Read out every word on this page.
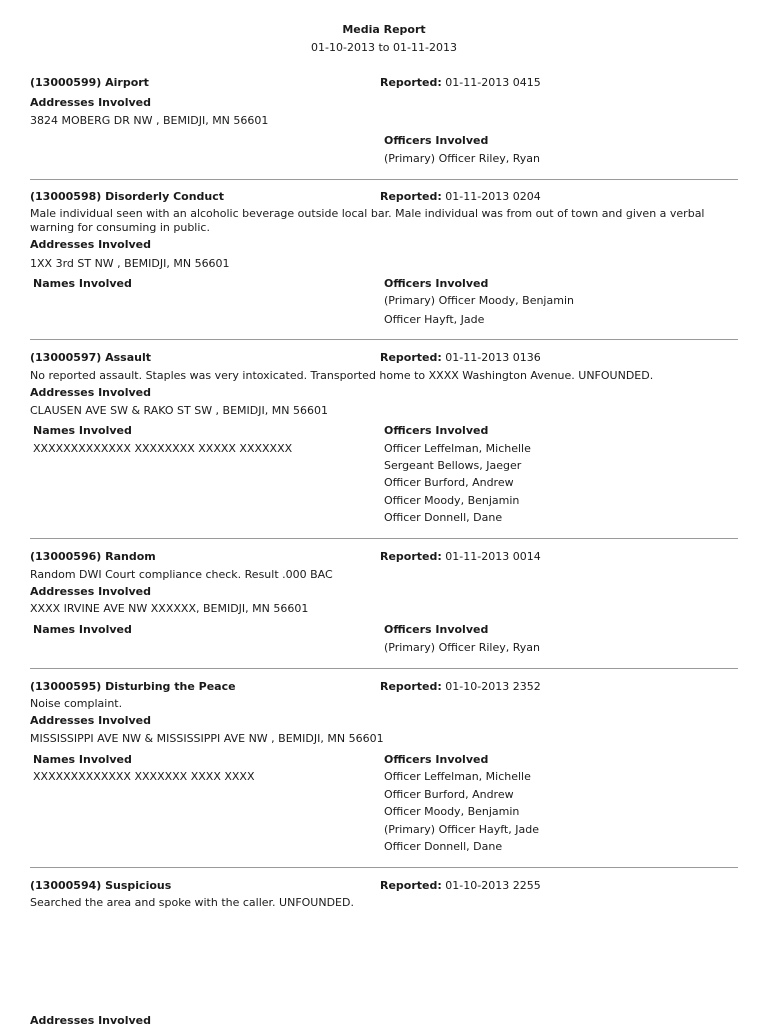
Media Report
01-10-2013 to 01-11-2013
(13000599) Airport	Reported: 01-11-2013 0415
Addresses Involved
3824 MOBERG DR NW , BEMIDJI, MN 56601
Officers Involved
(Primary) Officer Riley, Ryan
(13000598) Disorderly Conduct	Reported: 01-11-2013 0204
Male individual seen with an alcoholic beverage outside local bar. Male individual was from out of town and given a verbal warning for consuming in public.
Addresses Involved
1XX 3rd ST NW , BEMIDJI, MN 56601
Names Involved	Officers Involved
(Primary) Officer Moody, Benjamin
Officer Hayft, Jade
(13000597) Assault	Reported: 01-11-2013 0136
No reported assault. Staples was very intoxicated. Transported home to XXXX Washington Avenue. UNFOUNDED.
Addresses Involved
CLAUSEN AVE SW & RAKO ST SW , BEMIDJI, MN 56601
Names Involved
XXXXXXXXXXXXX XXXXXXXX XXXXX XXXXXXX
Officers Involved
Officer Leffelman, Michelle
Sergeant Bellows, Jaeger
Officer Burford, Andrew
Officer Moody, Benjamin
Officer Donnell, Dane
(13000596) Random	Reported: 01-11-2013 0014
Random DWI Court compliance check. Result .000 BAC
Addresses Involved
XXXX IRVINE AVE NW XXXXXX, BEMIDJI, MN 56601
Names Involved	Officers Involved
(Primary) Officer Riley, Ryan
(13000595) Disturbing the Peace	Reported: 01-10-2013 2352
Noise complaint.
Addresses Involved
MISSISSIPPI AVE NW & MISSISSIPPI AVE NW , BEMIDJI, MN 56601
Names Involved
XXXXXXXXXXXXX XXXXXXX XXXX XXXX
Officers Involved
Officer Leffelman, Michelle
Officer Burford, Andrew
Officer Moody, Benjamin
(Primary) Officer Hayft, Jade
Officer Donnell, Dane
(13000594) Suspicious	Reported: 01-10-2013 2255
Searched the area and spoke with the caller. UNFOUNDED.
Addresses Involved
